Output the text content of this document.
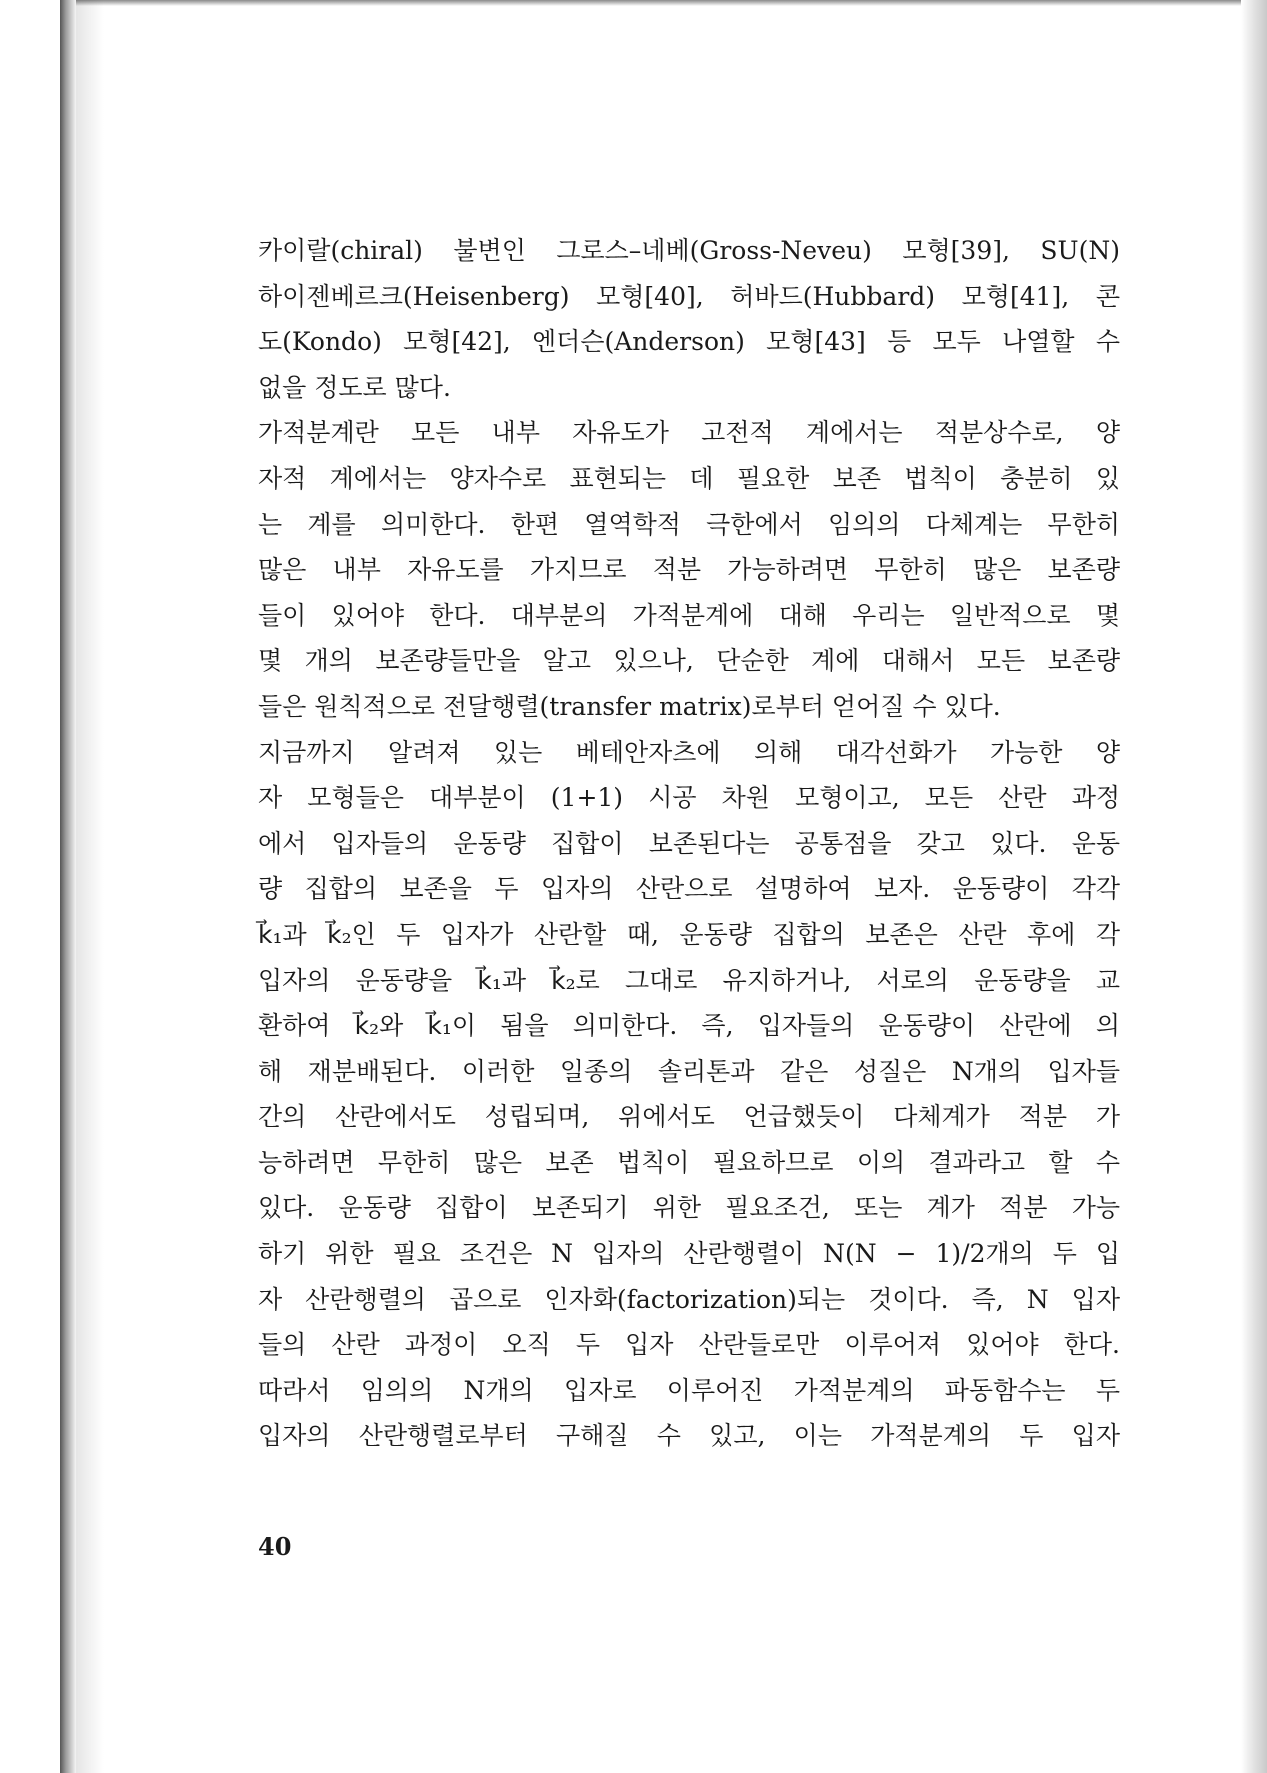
카이랄(chiral) 불변인 그로스–네베(Gross-Neveu) 모형[39], SU(N)
하이젠베르크(Heisenberg) 모형[40], 허바드(Hubbard) 모형[41], 콘
도(Kondo) 모형[42], 엔더슨(Anderson) 모형[43] 등 모두 나열할 수
없을 정도로 많다.
가적분계란 모든 내부 자유도가 고전적 계에서는 적분상수로, 양
자적 계에서는 양자수로 표현되는 데 필요한 보존 법칙이 충분히 있
는 계를 의미한다. 한편 열역학적 극한에서 임의의 다체계는 무한히
많은 내부 자유도를 가지므로 적분 가능하려면 무한히 많은 보존량
들이 있어야 한다. 대부분의 가적분계에 대해 우리는 일반적으로 몇
몇 개의 보존량들만을 알고 있으나, 단순한 계에 대해서 모든 보존량
들은 원칙적으로 전달행렬(transfer matrix)로부터 얻어질 수 있다.
지금까지 알려져 있는 베테안자츠에 의해 대각선화가 가능한 양
자 모형들은 대부분이 (1+1) 시공 차원 모형이고, 모든 산란 과정
에서 입자들의 운동량 집합이 보존된다는 공통점을 갖고 있다. 운동
량 집합의 보존을 두 입자의 산란으로 설명하여 보자. 운동량이 각각
k⃗₁과 k⃗₂인 두 입자가 산란할 때, 운동량 집합의 보존은 산란 후에 각
입자의 운동량을 k⃗₁과 k⃗₂로 그대로 유지하거나, 서로의 운동량을 교
환하여 k⃗₂와 k⃗₁이 됨을 의미한다. 즉, 입자들의 운동량이 산란에 의
해 재분배된다. 이러한 일종의 솔리톤과 같은 성질은 N개의 입자들
간의 산란에서도 성립되며, 위에서도 언급했듯이 다체계가 적분 가
능하려면 무한히 많은 보존 법칙이 필요하므로 이의 결과라고 할 수
있다. 운동량 집합이 보존되기 위한 필요조건, 또는 계가 적분 가능
하기 위한 필요 조건은 N 입자의 산란행렬이 N(N − 1)/2개의 두 입
자 산란행렬의 곱으로 인자화(factorization)되는 것이다. 즉, N 입자
들의 산란 과정이 오직 두 입자 산란들로만 이루어져 있어야 한다.
따라서 임의의 N개의 입자로 이루어진 가적분계의 파동함수는 두
입자의 산란행렬로부터 구해질 수 있고, 이는 가적분계의 두 입자
40
